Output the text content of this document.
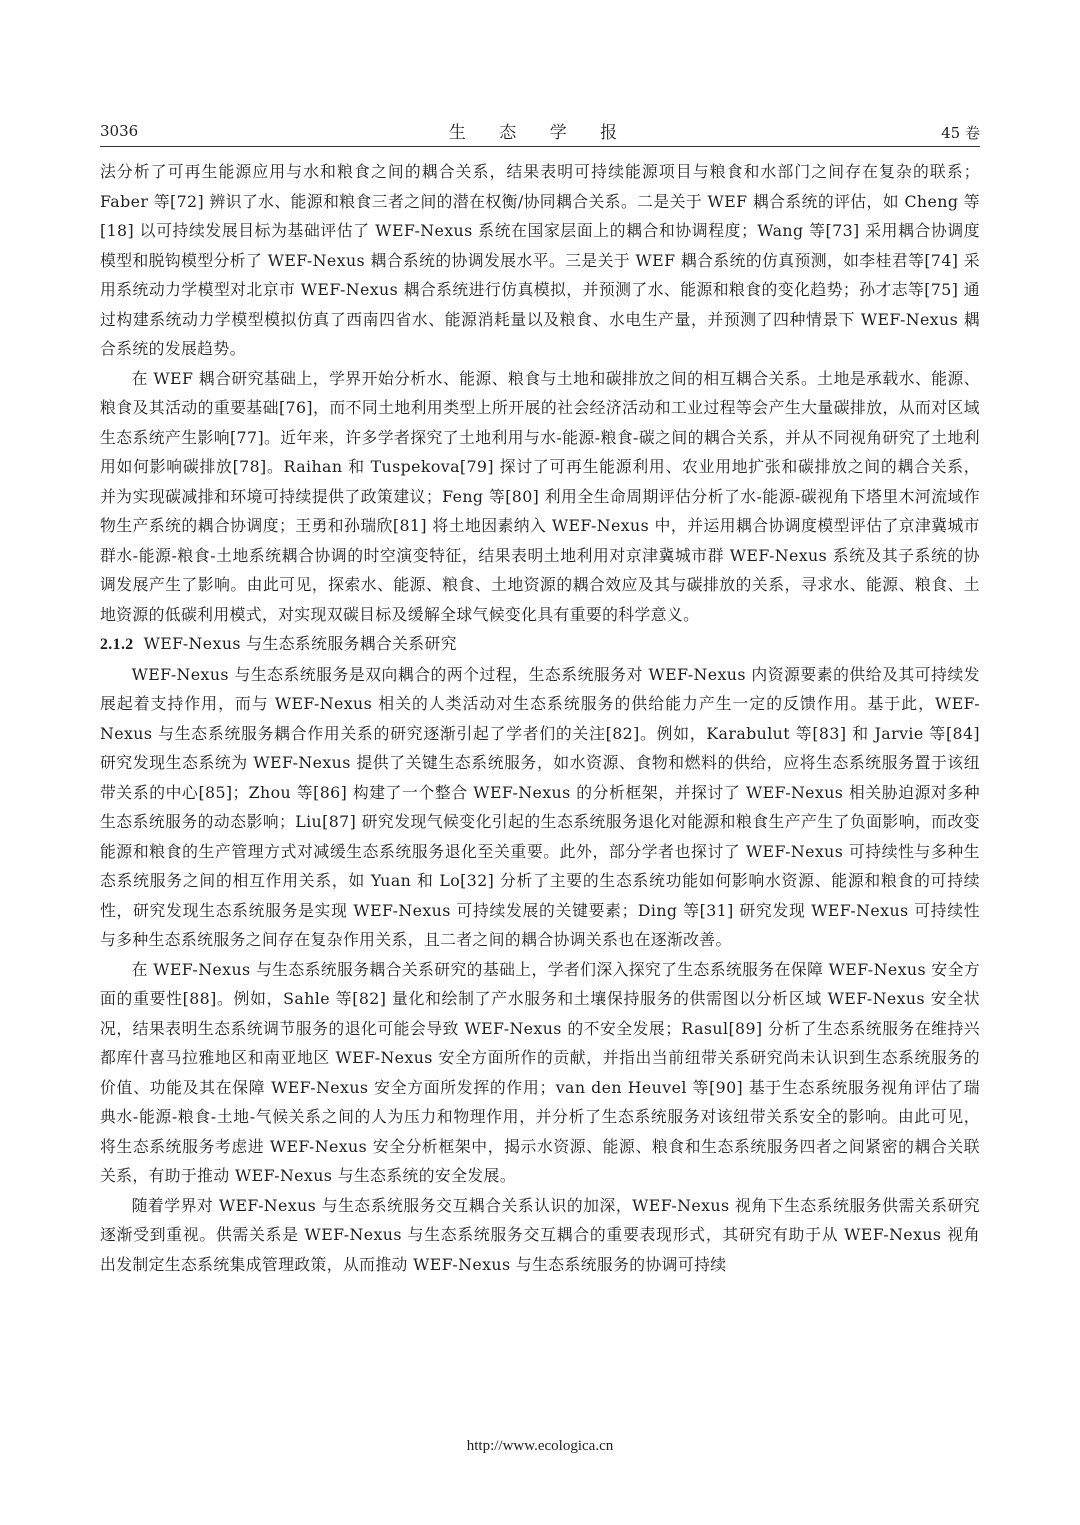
3036	生 态 学 报	45 卷

法分析了可再生能源应用与水和粮食之间的耦合关系，结果表明可持续能源项目与粮食和水部门之间存在复杂的联系；Faber 等[72] 辨识了水、能源和粮食三者之间的潜在权衡/协同耦合关系。二是关于 WEF 耦合系统的评估，如 Cheng 等[18] 以可持续发展目标为基础评估了 WEF-Nexus 系统在国家层面上的耦合和协调程度；Wang 等[73] 采用耦合协调度模型和脱钩模型分析了 WEF-Nexus 耦合系统的协调发展水平。三是关于 WEF 耦合系统的仿真预测，如李桂君等[74] 采用系统动力学模型对北京市 WEF-Nexus 耦合系统进行仿真模拟，并预测了水、能源和粮食的变化趋势；孙才志等[75] 通过构建系统动力学模型模拟仿真了西南四省水、能源消耗量以及粮食、水电生产量，并预测了四种情景下 WEF-Nexus 耦合系统的发展趋势。

在 WEF 耦合研究基础上，学界开始分析水、能源、粮食与土地和碳排放之间的相互耦合关系。土地是承载水、能源、粮食及其活动的重要基础[76]，而不同土地利用类型上所开展的社会经济活动和工业过程等会产生大量碳排放，从而对区域生态系统产生影响[77]。近年来，许多学者探究了土地利用与水-能源-粮食-碳之间的耦合关系，并从不同视角研究了土地利用如何影响碳排放[78]。Raihan 和 Tuspekova[79] 探讨了可再生能源利用、农业用地扩张和碳排放之间的耦合关系，并为实现碳减排和环境可持续提供了政策建议；Feng 等[80] 利用全生命周期评估分析了水-能源-碳视角下塔里木河流域作物生产系统的耦合协调度；王勇和孙瑞欣[81] 将土地因素纳入 WEF-Nexus 中，并运用耦合协调度模型评估了京津冀城市群水-能源-粮食-土地系统耦合协调的时空演变特征，结果表明土地利用对京津冀城市群 WEF-Nexus 系统及其子系统的协调发展产生了影响。由此可见，探索水、能源、粮食、土地资源的耦合效应及其与碳排放的关系，寻求水、能源、粮食、土地资源的低碳利用模式，对实现双碳目标及缓解全球气候变化具有重要的科学意义。

2.1.2 WEF-Nexus 与生态系统服务耦合关系研究

WEF-Nexus 与生态系统服务是双向耦合的两个过程，生态系统服务对 WEF-Nexus 内资源要素的供给及其可持续发展起着支持作用，而与 WEF-Nexus 相关的人类活动对生态系统服务的供给能力产生一定的反馈作用。基于此，WEF-Nexus 与生态系统服务耦合作用关系的研究逐渐引起了学者们的关注[82]。例如，Karabulut 等[83] 和 Jarvie 等[84] 研究发现生态系统为 WEF-Nexus 提供了关键生态系统服务，如水资源、食物和燃料的供给，应将生态系统服务置于该纽带关系的中心[85]；Zhou 等[86] 构建了一个整合 WEF-Nexus 的分析框架，并探讨了 WEF-Nexus 相关胁迫源对多种生态系统服务的动态影响；Liu[87] 研究发现气候变化引起的生态系统服务退化对能源和粮食生产产生了负面影响，而改变能源和粮食的生产管理方式对减缓生态系统服务退化至关重要。此外，部分学者也探讨了 WEF-Nexus 可持续性与多种生态系统服务之间的相互作用关系，如 Yuan 和 Lo[32] 分析了主要的生态系统功能如何影响水资源、能源和粮食的可持续性，研究发现生态系统服务是实现 WEF-Nexus 可持续发展的关键要素；Ding 等[31] 研究发现 WEF-Nexus 可持续性与多种生态系统服务之间存在复杂作用关系，且二者之间的耦合协调关系也在逐渐改善。

在 WEF-Nexus 与生态系统服务耦合关系研究的基础上，学者们深入探究了生态系统服务在保障 WEF-Nexus 安全方面的重要性[88]。例如，Sahle 等[82] 量化和绘制了产水服务和土壤保持服务的供需图以分析区域 WEF-Nexus 安全状况，结果表明生态系统调节服务的退化可能会导致 WEF-Nexus 的不安全发展；Rasul[89] 分析了生态系统服务在维持兴都库什喜马拉雅地区和南亚地区 WEF-Nexus 安全方面所作的贡献，并指出当前纽带关系研究尚未认识到生态系统服务的价值、功能及其在保障 WEF-Nexus 安全方面所发挥的作用；van den Heuvel 等[90] 基于生态系统服务视角评估了瑞典水-能源-粮食-土地-气候关系之间的人为压力和物理作用，并分析了生态系统服务对该纽带关系安全的影响。由此可见，将生态系统服务考虑进 WEF-Nexus 安全分析框架中，揭示水资源、能源、粮食和生态系统服务四者之间紧密的耦合关联关系，有助于推动 WEF-Nexus 与生态系统的安全发展。

随着学界对 WEF-Nexus 与生态系统服务交互耦合关系认识的加深，WEF-Nexus 视角下生态系统服务供需关系研究逐渐受到重视。供需关系是 WEF-Nexus 与生态系统服务交互耦合的重要表现形式，其研究有助于从 WEF-Nexus 视角出发制定生态系统集成管理政策，从而推动 WEF-Nexus 与生态系统服务的协调可持续

http://www.ecologica.cn
